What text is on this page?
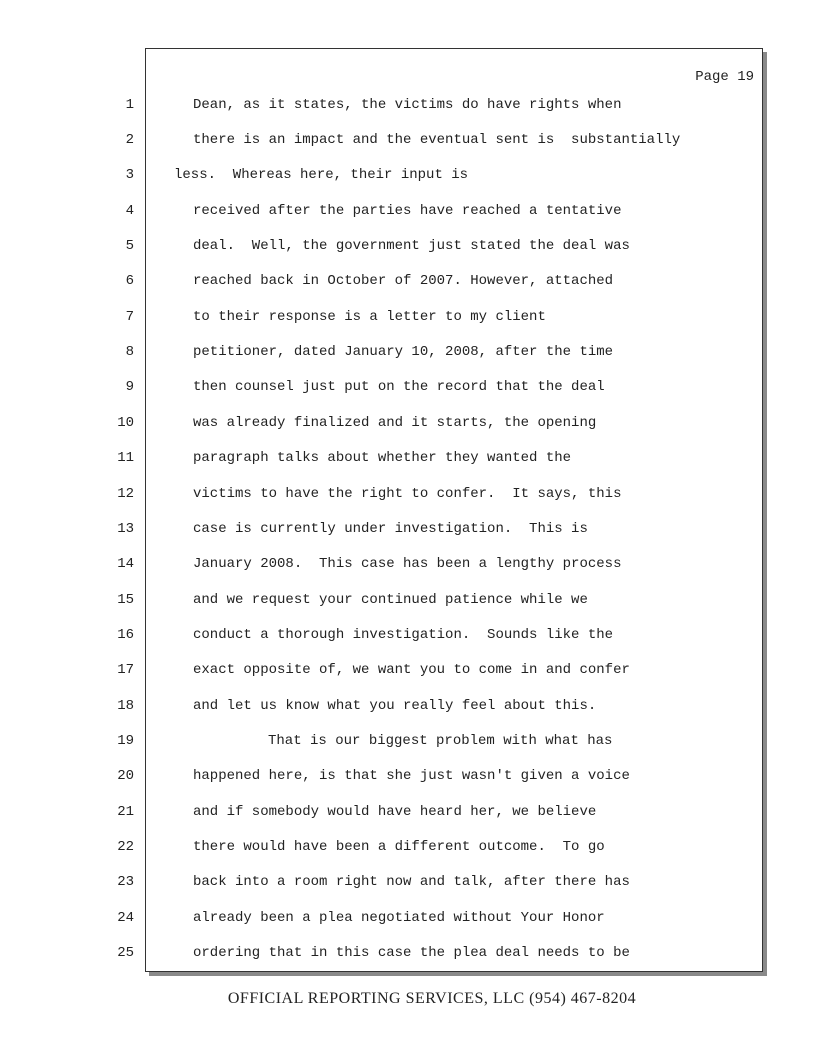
Page 19
1	Dean, as it states, the victims do have rights when
2	there is an impact and the eventual sent is  substantially
3	less.  Whereas here, their input is
4	received after the parties have reached a tentative
5	deal.  Well, the government just stated the deal was
6	reached back in October of 2007. However, attached
7	to their response is a letter to my client
8	petitioner, dated January 10, 2008, after the time
9	then counsel just put on the record that the deal
10	was already finalized and it starts, the opening
11	paragraph talks about whether they wanted the
12	victims to have the right to confer.  It says, this
13	case is currently under investigation.  This is
14	January 2008.  This case has been a lengthy process
15	and we request your continued patience while we
16	conduct a thorough investigation.  Sounds like the
17	exact opposite of, we want you to come in and confer
18	and let us know what you really feel about this.
19	That is our biggest problem with what has
20	happened here, is that she just wasn't given a voice
21	and if somebody would have heard her, we believe
22	there would have been a different outcome.  To go
23	back into a room right now and talk, after there has
24	already been a plea negotiated without Your Honor
25	ordering that in this case the plea deal needs to be
OFFICIAL REPORTING SERVICES, LLC (954) 467-8204
